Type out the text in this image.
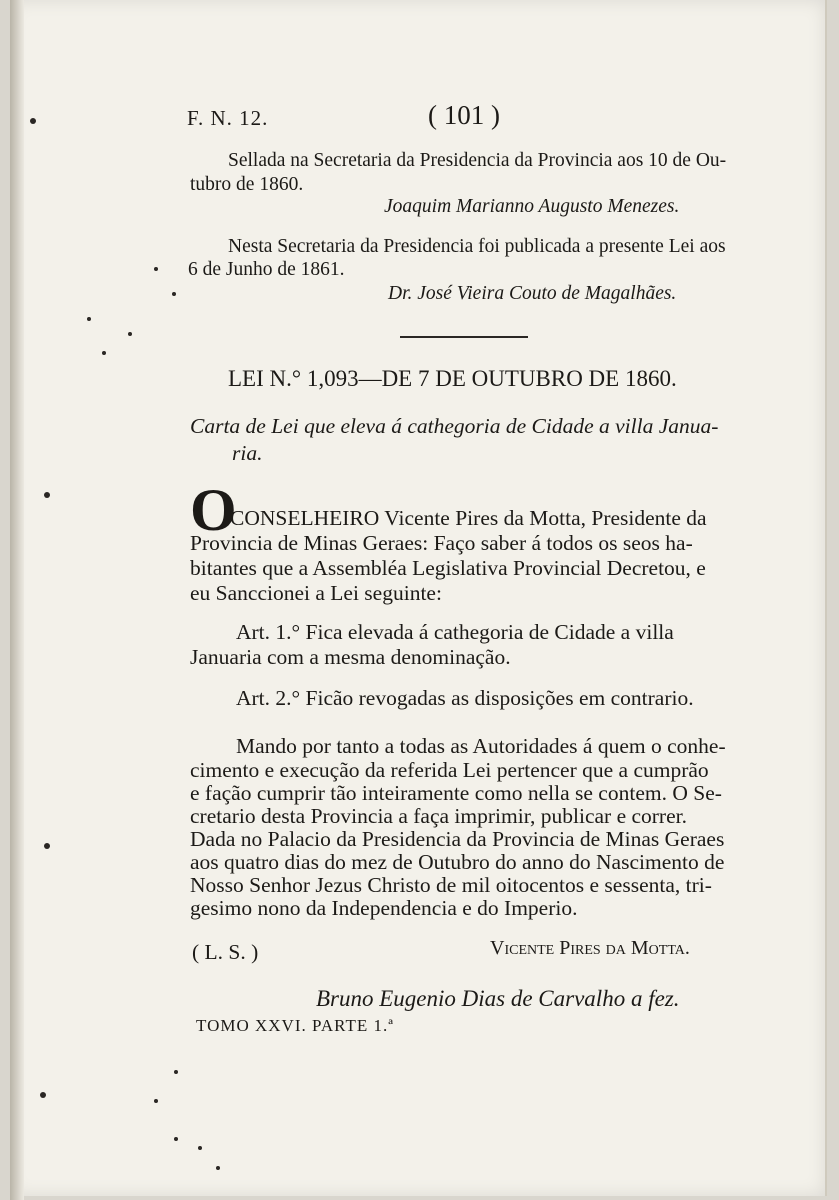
F. N. 12.	( 101 )
Sellada na Secretaria da Presidencia da Provincia aos 10 de Ou-
tubro de 1860.
Joaquim Marianno Augusto Menezes.
Nesta Secretaria da Presidencia foi publicada a presente Lei aos
6 de Junho de 1861.
Dr. José Vieira Couto de Magalhães.
LEI N.° 1,093—DE 7 DE OUTUBRO DE 1860.
Carta de Lei que eleva á cathegoria de Cidade a villa Janua-
ria.
O
CONSELHEIRO Vicente Pires da Motta, Presidente da
Provincia de Minas Geraes: Faço saber á todos os seos ha-
bitantes que a Assembléa Legislativa Provincial Decretou, e
eu Sanccionei a Lei seguinte:
Art. 1.° Fica elevada á cathegoria de Cidade a villa
Januaria com a mesma denominação.
Art. 2.° Ficão revogadas as disposições em contrario.
Mando por tanto a todas as Autoridades á quem o conhe-
cimento e execução da referida Lei pertencer que a cumprão
e fação cumprir tão inteiramente como nella se contem. O Se-
cretario desta Provincia a faça imprimir, publicar e correr.
Dada no Palacio da Presidencia da Provincia de Minas Geraes
aos quatro dias do mez de Outubro do anno do Nascimento de
Nosso Senhor Jezus Christo de mil oitocentos e sessenta, tri-
gesimo nono da Independencia e do Imperio.
( L. S. )	Vicente Pires da Motta.
Bruno Eugenio Dias de Carvalho a fez.
TOMO XXVI. PARTE 1.ª
